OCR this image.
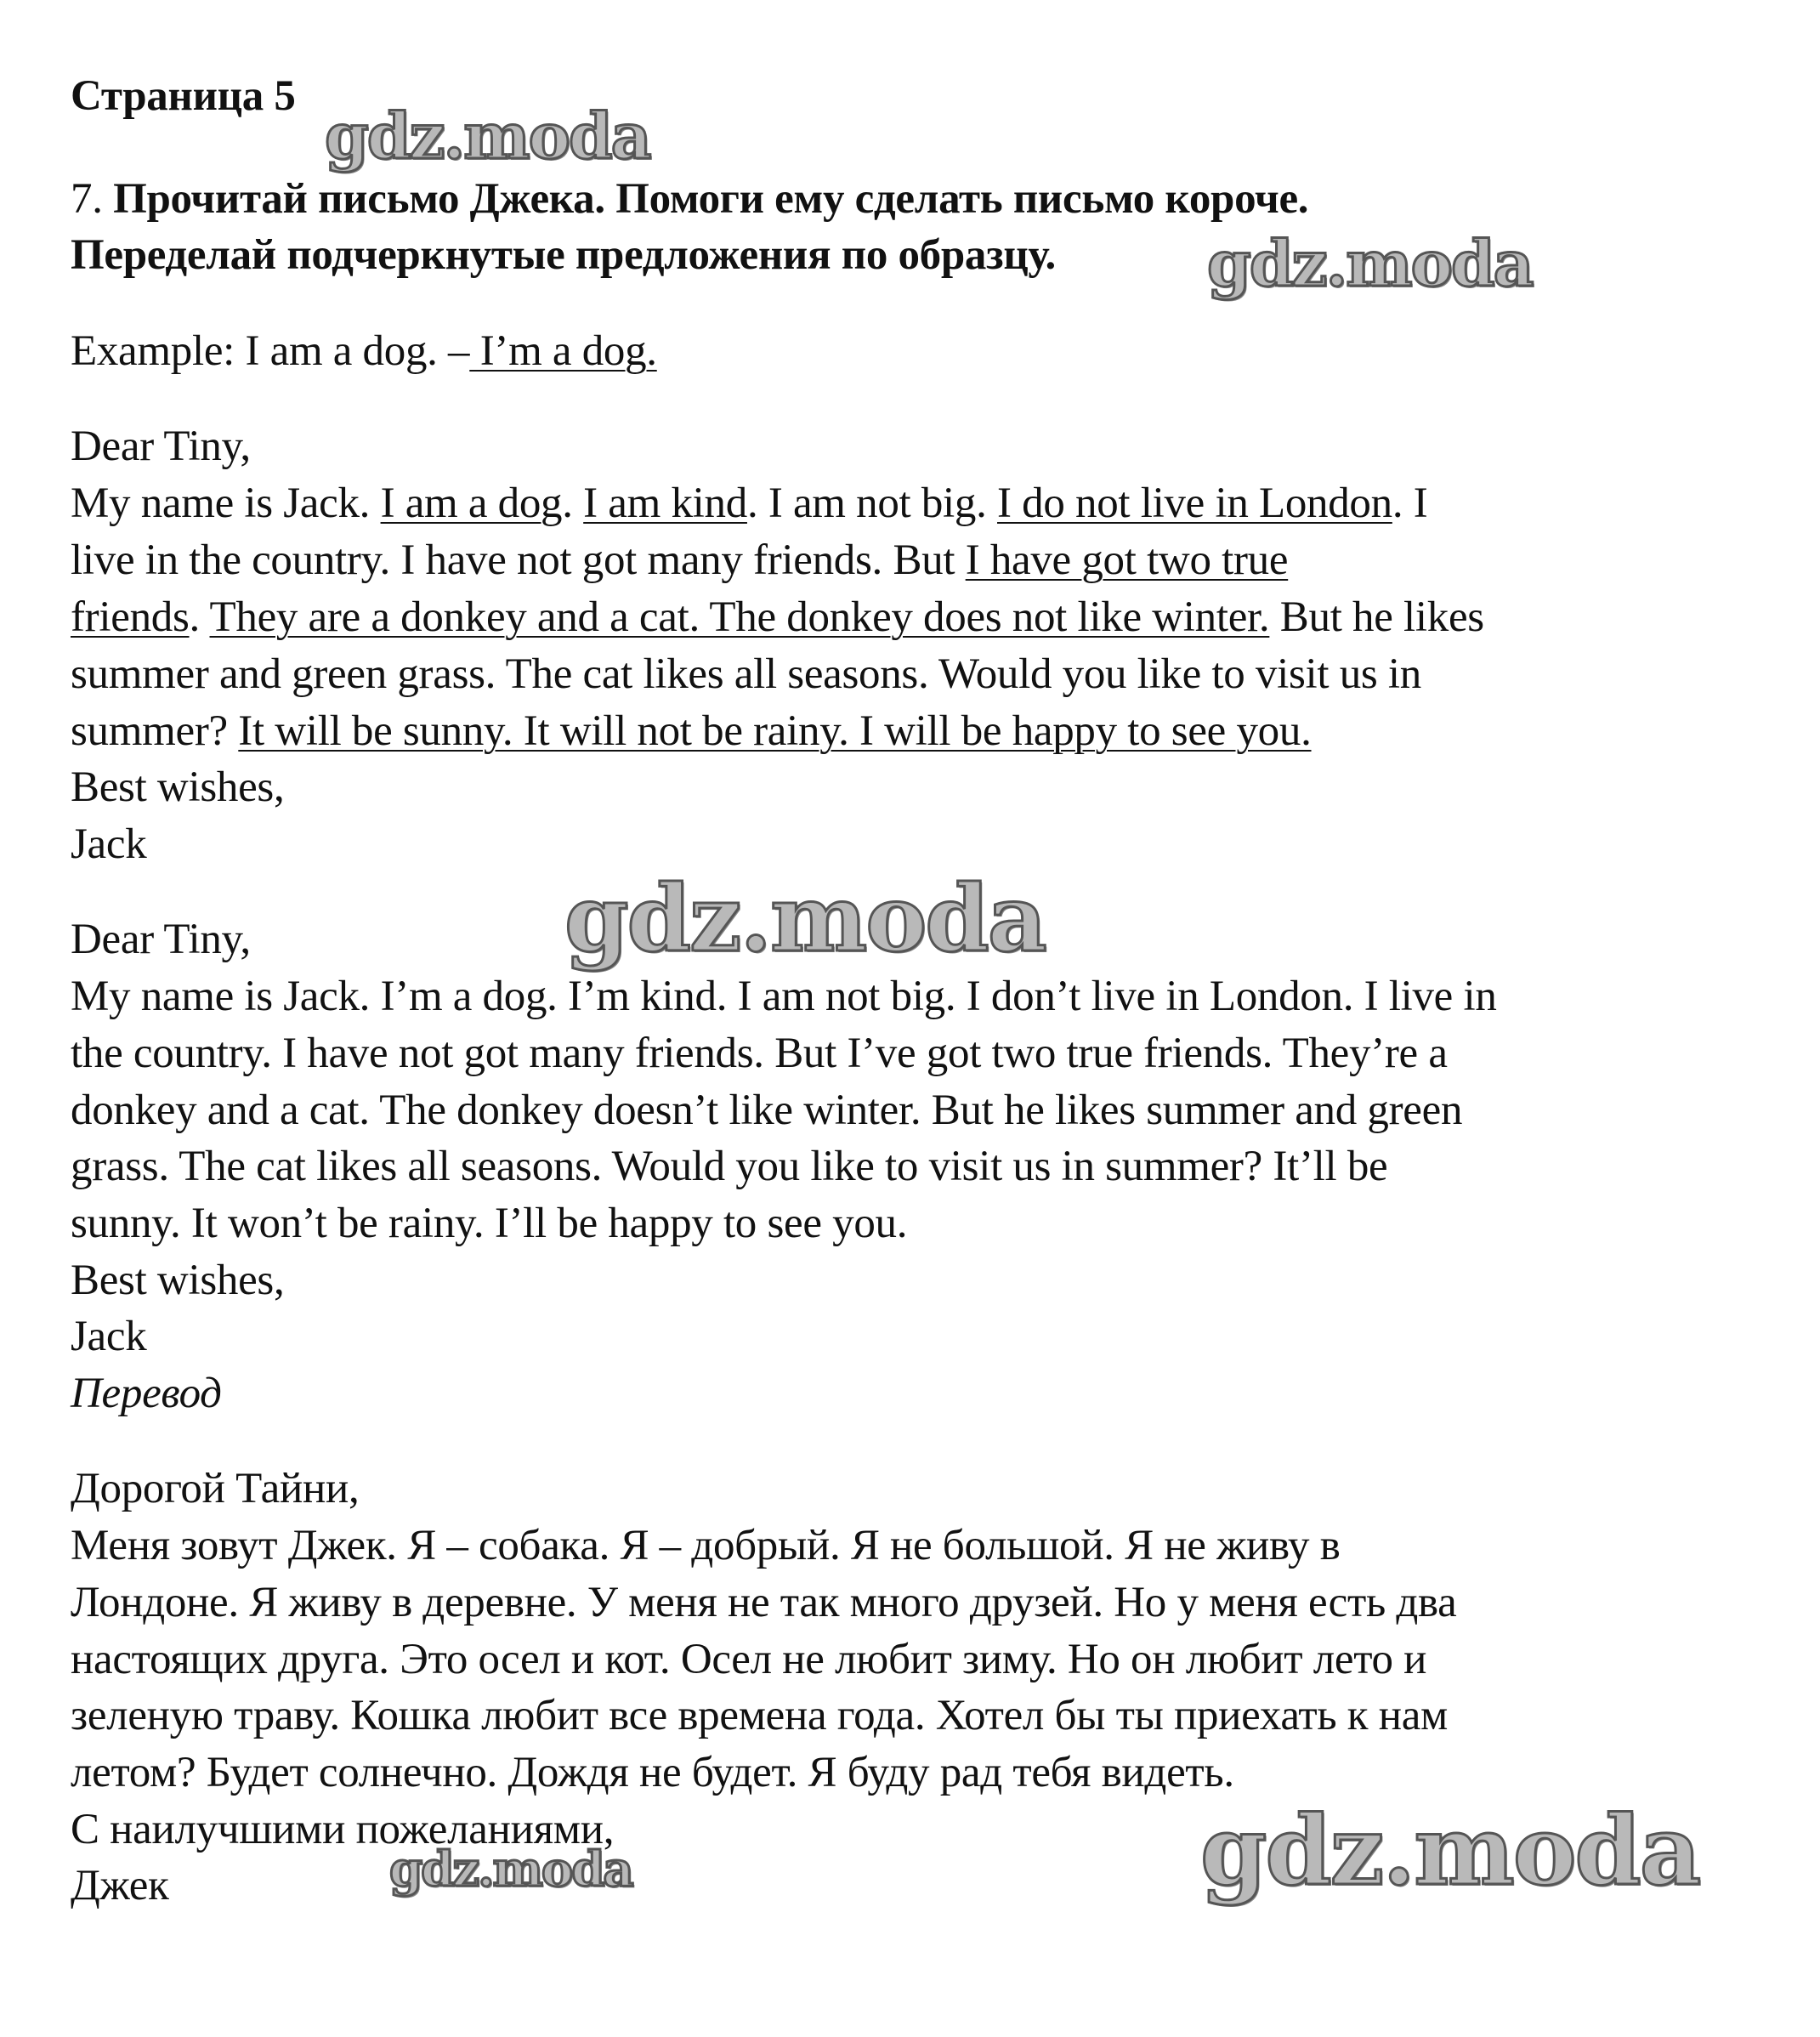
Страница 5
7. Прочитай письмо Джека. Помоги ему сделать письмо короче.
Переделай подчеркнутые предложения по образцу.
Example: I am a dog. – I’m a dog.
Dear Tiny,
My name is Jack. I am a dog. I am kind. I am not big. I do not live in London. I
live in the country. I have not got many friends. But I have got two true
friends. They are a donkey and a cat. The donkey does not like winter. But he likes
summer and green grass. The cat likes all seasons. Would you like to visit us in
summer? It will be sunny. It will not be rainy. I will be happy to see you.
Best wishes,
Jack
Dear Tiny,
My name is Jack. I’m a dog. I’m kind. I am not big. I don’t live in London. I live in
the country. I have not got many friends. But I’ve got two true friends. They’re a
donkey and a cat. The donkey doesn’t like winter. But he likes summer and green
grass. The cat likes all seasons. Would you like to visit us in summer? It’ll be
sunny. It won’t be rainy. I’ll be happy to see you.
Best wishes,
Jack
Перевод
Дорогой Тайни,
Меня зовут Джек. Я – собака. Я – добрый. Я не большой. Я не живу в
Лондоне. Я живу в деревне. У меня не так много друзей. Но у меня есть два
настоящих друга. Это осел и кот. Осел не любит зиму. Но он любит лето и
зеленую траву. Кошка любит все времена года. Хотел бы ты приехать к нам
летом? Будет солнечно. Дождя не будет. Я буду рад тебя видеть.
С наилучшими пожеланиями,
Джек
gdz.moda
gdz.moda
gdz.moda
gdz.moda	gdz.moda
